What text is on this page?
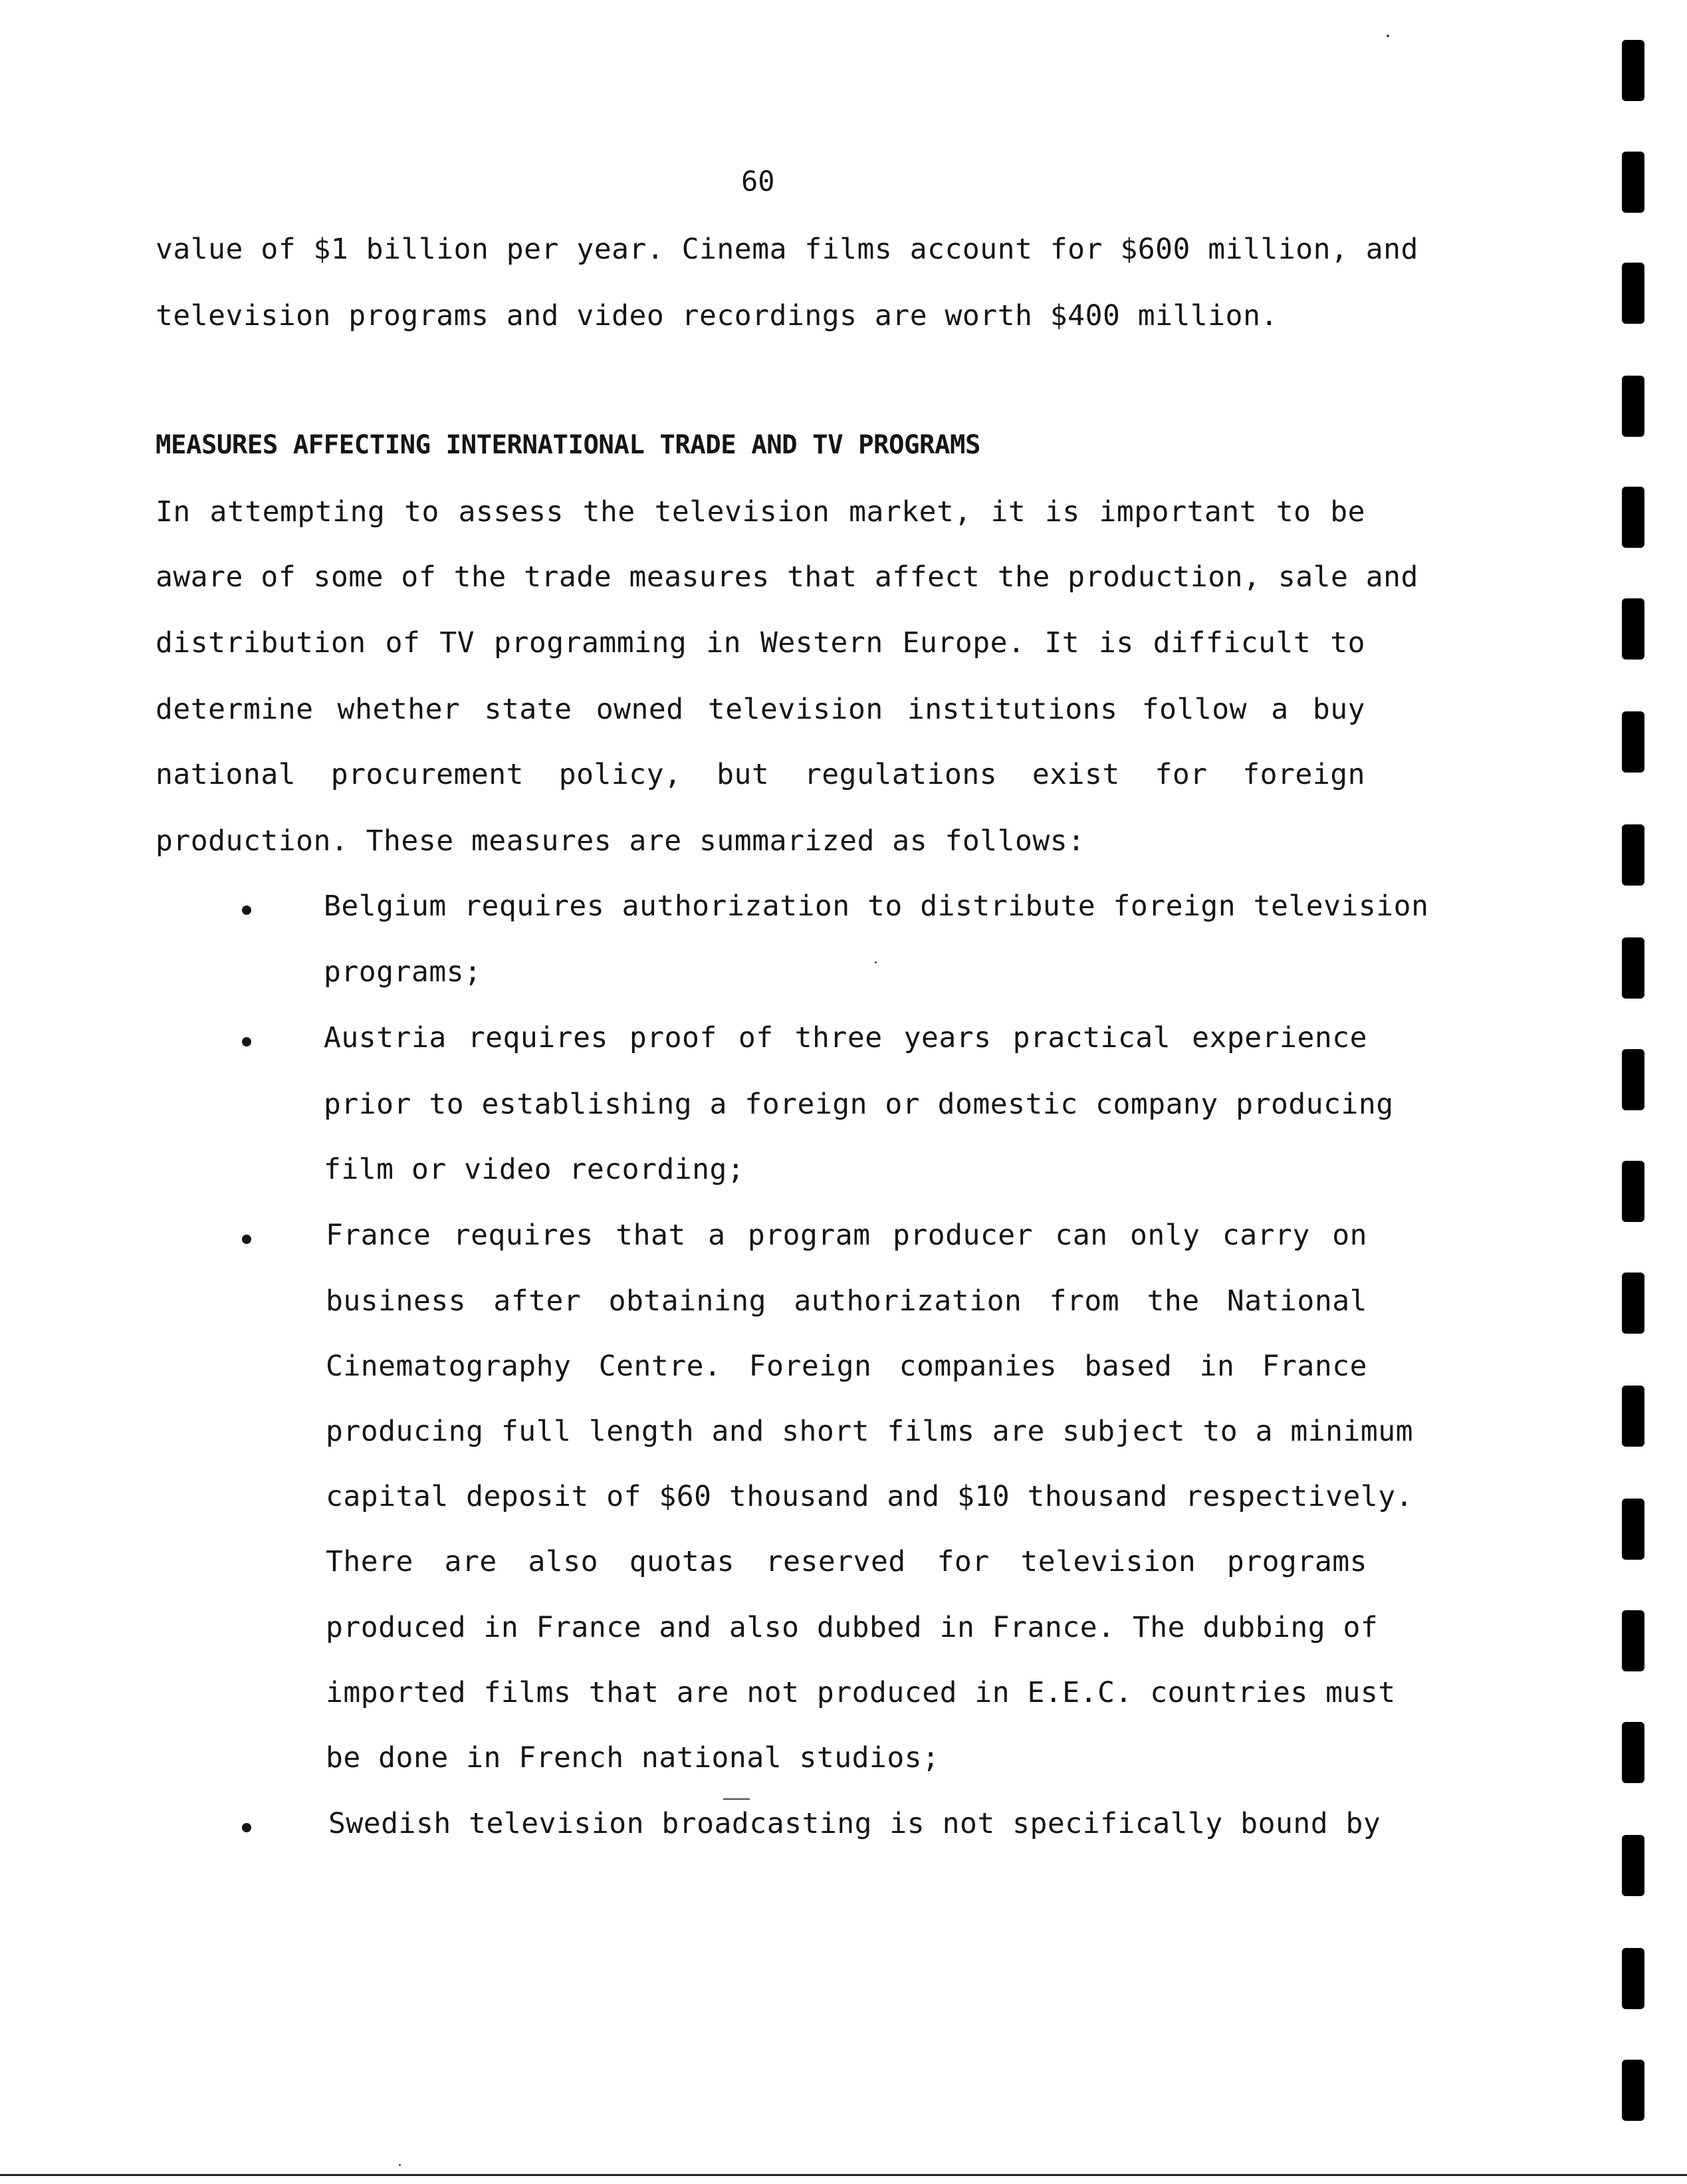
60
value of $1 billion per year. Cinema films account for $600 million, and
television programs and video recordings are worth $400 million.
MEASURES AFFECTING INTERNATIONAL TRADE AND TV PROGRAMS
In attempting to assess the television market, it is important to be
aware of some of the trade measures that affect the production, sale and
distribution of TV programming in Western Europe. It is difficult to
determine whether state owned television institutions follow a buy
national procurement policy, but regulations exist for foreign
production. These measures are summarized as follows:
Belgium requires authorization to distribute foreign television
programs;
Austria requires proof of three years practical experience
prior to establishing a foreign or domestic company producing
film or video recording;
France requires that a program producer can only carry on
business after obtaining authorization from the National
Cinematography Centre. Foreign companies based in France
producing full length and short films are subject to a minimum
capital deposit of $60 thousand and $10 thousand respectively.
There are also quotas reserved for television programs
produced in France and also dubbed in France. The dubbing of
imported films that are not produced in E.E.C. countries must
be done in French national studios;
Swedish television broadcasting is not specifically bound by
